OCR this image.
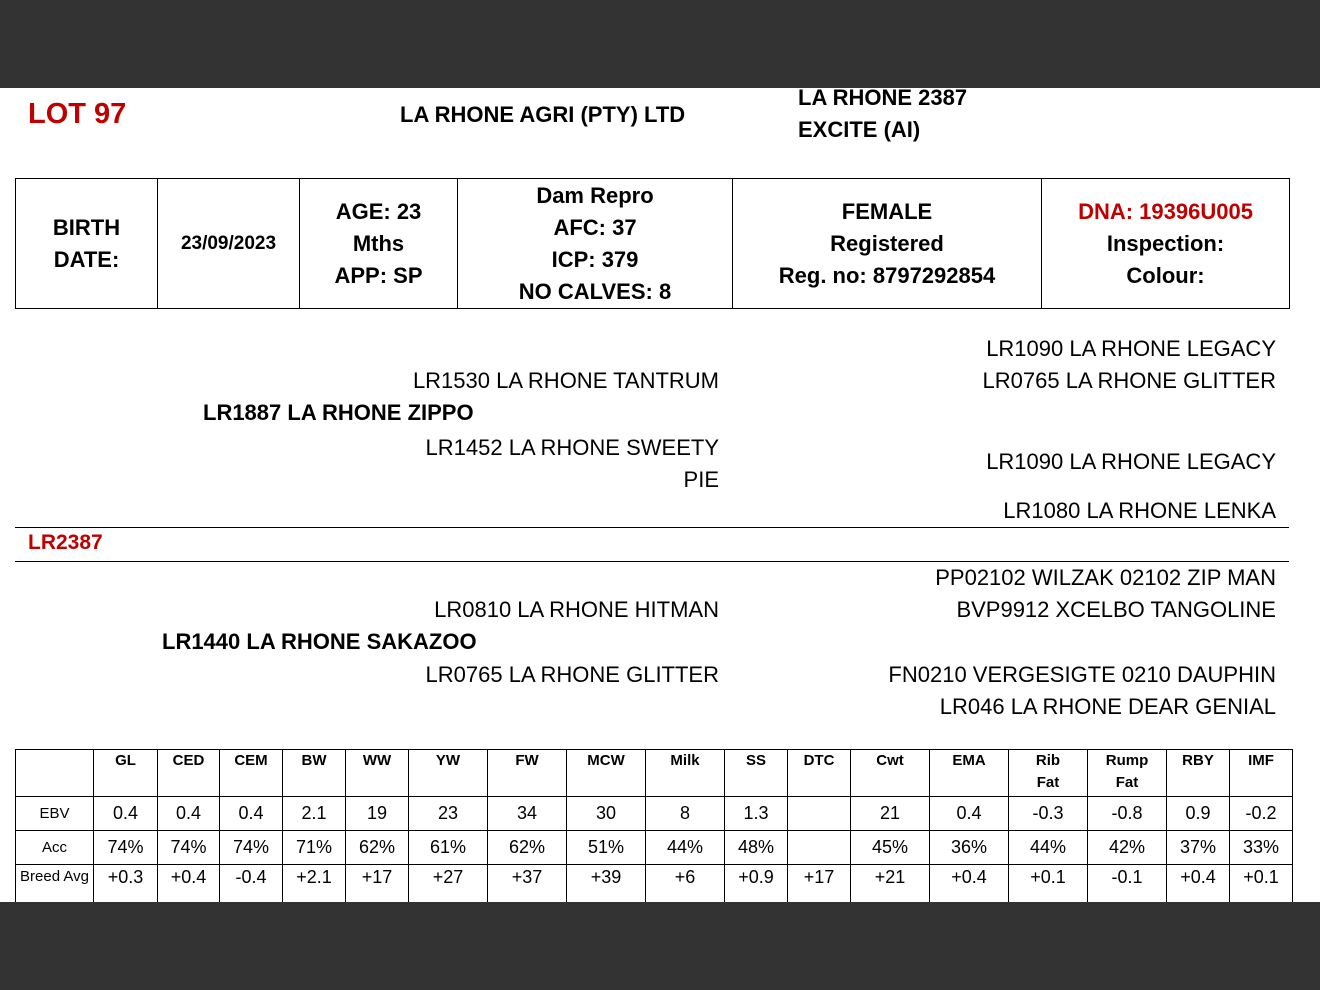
LOT 97	LA RHONE AGRI (PTY) LTD
LA RHONE 2387
EXCITE (AI)
BIRTH
DATE:
	23/09/2023	
AGE: 23
Mths
APP: SP

Dam Repro
AFC: 37
ICP: 379
NO CALVES: 8

FEMALE
Registered
Reg. no: 8797292854

DNA: 19396U005
Inspection:
Colour:
LR1887 LA RHONE ZIPPO
LR1530 LA RHONE TANTRUM
LR1452 LA RHONE SWEETY
PIE
LR1090 LA RHONE LEGACY
LR0765 LA RHONE GLITTER
LR1090 LA RHONE LEGACY
LR1080 LA RHONE LENKA
LR2387
LR1440 LA RHONE SAKAZOO
LR0810 LA RHONE HITMAN
LR0765 LA RHONE GLITTER
PP02102 WILZAK 02102 ZIP MAN
BVP9912 XCELBO TANGOLINE
FN0210 VERGESIGTE 0210 DAUPHIN
LR046 LA RHONE DEAR GENIAL
	GL	CED	CEM	BW	WW	YW	FW	MCW	Milk	SS	DTC	Cwt	EMA	Rib Fat	Rump Fat	RBY	IMF
EBV	0.4	0.4	0.4	2.1	19	23	34	30	8	1.3		21	0.4	-0.3	-0.8	0.9	-0.2
Acc	74%	74%	74%	71%	62%	61%	62%	51%	44%	48%		45%	36%	44%	42%	37%	33%
Breed Avg	+0.3	+0.4	-0.4	+2.1	+17	+27	+37	+39	+6	+0.9	+17	+21	+0.4	+0.1	-0.1	+0.4	+0.1
